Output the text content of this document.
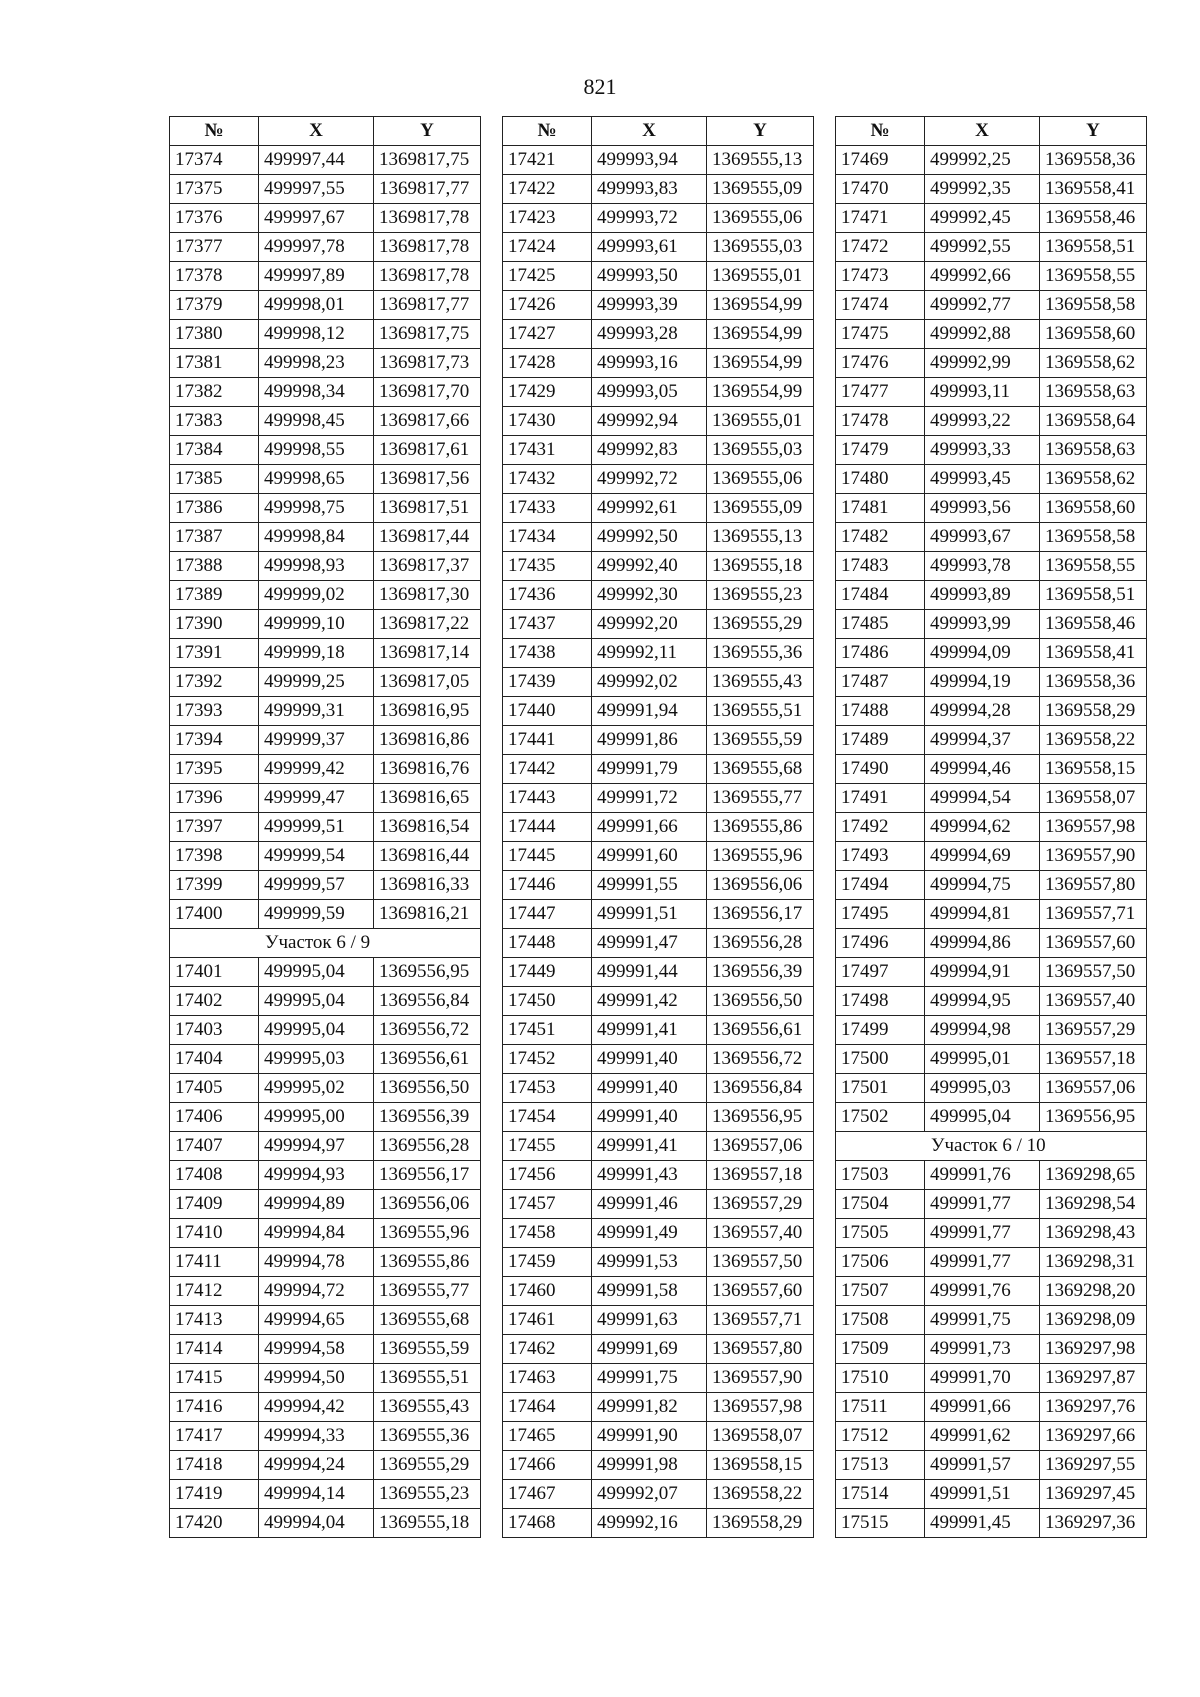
821
№	X	Y
17374	499997,44	1369817,75
17375	499997,55	1369817,77
17376	499997,67	1369817,78
17377	499997,78	1369817,78
17378	499997,89	1369817,78
17379	499998,01	1369817,77
17380	499998,12	1369817,75
17381	499998,23	1369817,73
17382	499998,34	1369817,70
17383	499998,45	1369817,66
17384	499998,55	1369817,61
17385	499998,65	1369817,56
17386	499998,75	1369817,51
17387	499998,84	1369817,44
17388	499998,93	1369817,37
17389	499999,02	1369817,30
17390	499999,10	1369817,22
17391	499999,18	1369817,14
17392	499999,25	1369817,05
17393	499999,31	1369816,95
17394	499999,37	1369816,86
17395	499999,42	1369816,76
17396	499999,47	1369816,65
17397	499999,51	1369816,54
17398	499999,54	1369816,44
17399	499999,57	1369816,33
17400	499999,59	1369816,21
Участок 6 / 9		
17401	499995,04	1369556,95
17402	499995,04	1369556,84
17403	499995,04	1369556,72
17404	499995,03	1369556,61
17405	499995,02	1369556,50
17406	499995,00	1369556,39
17407	499994,97	1369556,28
17408	499994,93	1369556,17
17409	499994,89	1369556,06
17410	499994,84	1369555,96
17411	499994,78	1369555,86
17412	499994,72	1369555,77
17413	499994,65	1369555,68
17414	499994,58	1369555,59
17415	499994,50	1369555,51
17416	499994,42	1369555,43
17417	499994,33	1369555,36
17418	499994,24	1369555,29
17419	499994,14	1369555,23
17420	499994,04	1369555,18
№	X	Y
17421	499993,94	1369555,13
17422	499993,83	1369555,09
17423	499993,72	1369555,06
17424	499993,61	1369555,03
17425	499993,50	1369555,01
17426	499993,39	1369554,99
17427	499993,28	1369554,99
17428	499993,16	1369554,99
17429	499993,05	1369554,99
17430	499992,94	1369555,01
17431	499992,83	1369555,03
17432	499992,72	1369555,06
17433	499992,61	1369555,09
17434	499992,50	1369555,13
17435	499992,40	1369555,18
17436	499992,30	1369555,23
17437	499992,20	1369555,29
17438	499992,11	1369555,36
17439	499992,02	1369555,43
17440	499991,94	1369555,51
17441	499991,86	1369555,59
17442	499991,79	1369555,68
17443	499991,72	1369555,77
17444	499991,66	1369555,86
17445	499991,60	1369555,96
17446	499991,55	1369556,06
17447	499991,51	1369556,17
17448	499991,47	1369556,28
17449	499991,44	1369556,39
17450	499991,42	1369556,50
17451	499991,41	1369556,61
17452	499991,40	1369556,72
17453	499991,40	1369556,84
17454	499991,40	1369556,95
17455	499991,41	1369557,06
17456	499991,43	1369557,18
17457	499991,46	1369557,29
17458	499991,49	1369557,40
17459	499991,53	1369557,50
17460	499991,58	1369557,60
17461	499991,63	1369557,71
17462	499991,69	1369557,80
17463	499991,75	1369557,90
17464	499991,82	1369557,98
17465	499991,90	1369558,07
17466	499991,98	1369558,15
17467	499992,07	1369558,22
17468	499992,16	1369558,29
№	X	Y
17469	499992,25	1369558,36
17470	499992,35	1369558,41
17471	499992,45	1369558,46
17472	499992,55	1369558,51
17473	499992,66	1369558,55
17474	499992,77	1369558,58
17475	499992,88	1369558,60
17476	499992,99	1369558,62
17477	499993,11	1369558,63
17478	499993,22	1369558,64
17479	499993,33	1369558,63
17480	499993,45	1369558,62
17481	499993,56	1369558,60
17482	499993,67	1369558,58
17483	499993,78	1369558,55
17484	499993,89	1369558,51
17485	499993,99	1369558,46
17486	499994,09	1369558,41
17487	499994,19	1369558,36
17488	499994,28	1369558,29
17489	499994,37	1369558,22
17490	499994,46	1369558,15
17491	499994,54	1369558,07
17492	499994,62	1369557,98
17493	499994,69	1369557,90
17494	499994,75	1369557,80
17495	499994,81	1369557,71
17496	499994,86	1369557,60
17497	499994,91	1369557,50
17498	499994,95	1369557,40
17499	499994,98	1369557,29
17500	499995,01	1369557,18
17501	499995,03	1369557,06
17502	499995,04	1369556,95
Участок 6 / 10		
17503	499991,76	1369298,65
17504	499991,77	1369298,54
17505	499991,77	1369298,43
17506	499991,77	1369298,31
17507	499991,76	1369298,20
17508	499991,75	1369298,09
17509	499991,73	1369297,98
17510	499991,70	1369297,87
17511	499991,66	1369297,76
17512	499991,62	1369297,66
17513	499991,57	1369297,55
17514	499991,51	1369297,45
17515	499991,45	1369297,36
